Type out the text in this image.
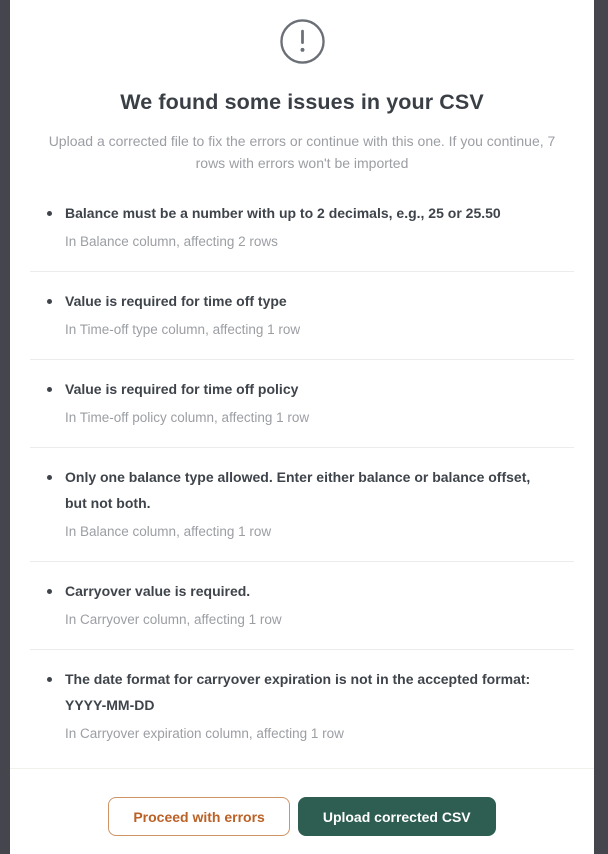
We found some issues in your CSV

Upload a corrected file to fix the errors or continue with this one. If you continue, 7 rows with errors won't be imported

Balance must be a number with up to 2 decimals, e.g., 25 or 25.50
In Balance column, affecting 2 rows
Value is required for time off type
In Time-off type column, affecting 1 row
Value is required for time off policy
In Time-off policy column, affecting 1 row
Only one balance type allowed. Enter either balance or balance offset, but not both.
In Balance column, affecting 1 row
Carryover value is required.
In Carryover column, affecting 1 row
The date format for carryover expiration is not in the accepted format: YYYY-MM-DD
In Carryover expiration column, affecting 1 row
Proceed with errors	Upload corrected CSV
